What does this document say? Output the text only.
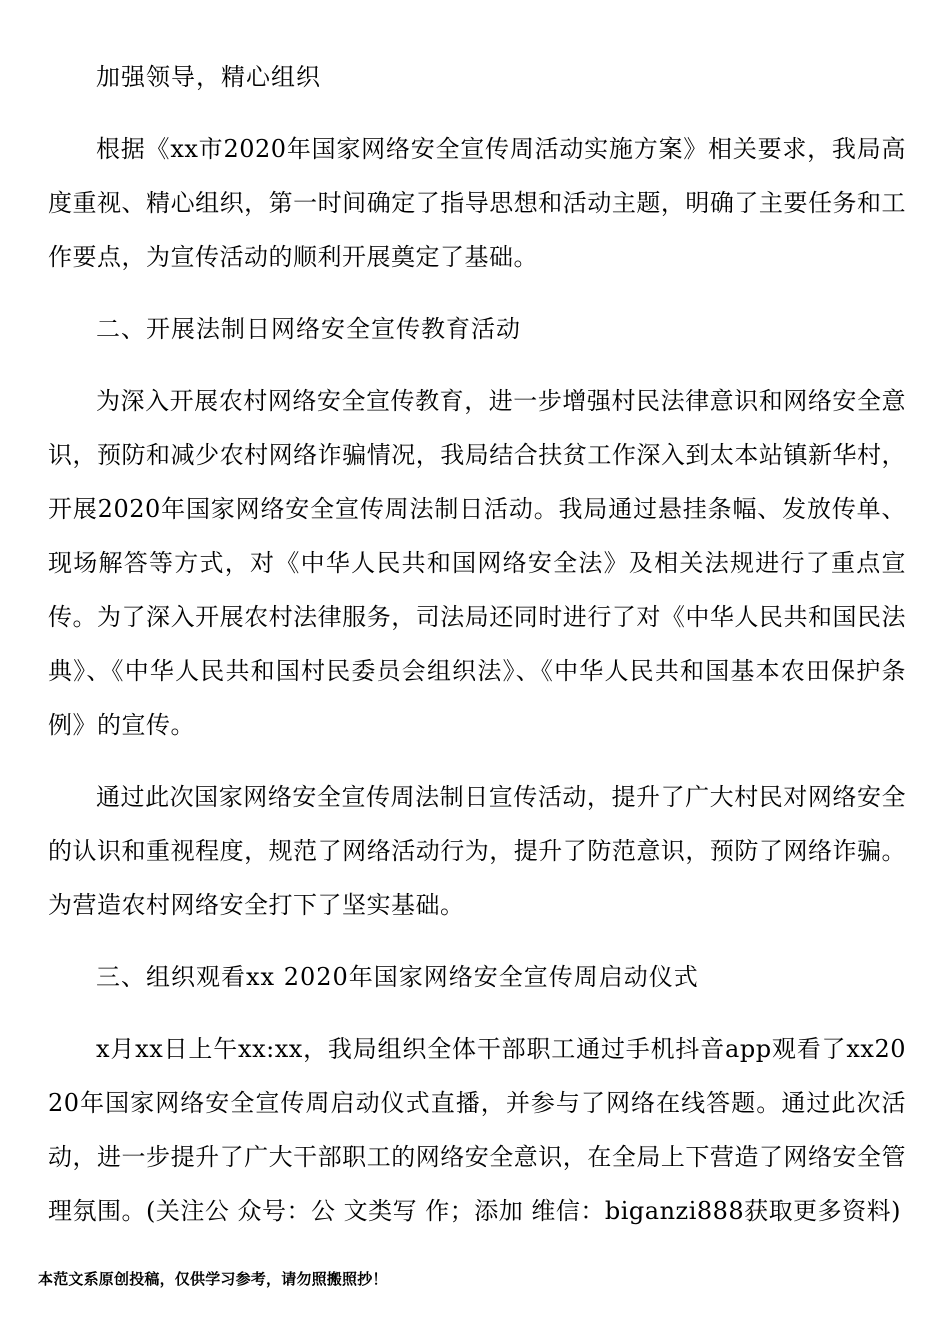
加强领导，精心组织

根据《xx市2020年国家网络安全宣传周活动实施方案》相关要求，我局高度重视、精心组织，第一时间确定了指导思想和活动主题，明确了主要任务和工作要点，为宣传活动的顺利开展奠定了基础。

二、开展法制日网络安全宣传教育活动

为深入开展农村网络安全宣传教育，进一步增强村民法律意识和网络安全意识，预防和减少农村网络诈骗情况，我局结合扶贫工作深入到太本站镇新华村，开展2020年国家网络安全宣传周法制日活动。我局通过悬挂条幅、发放传单、现场解答等方式，对《中华人民共和国网络安全法》及相关法规进行了重点宣传。为了深入开展农村法律服务，司法局还同时进行了对《中华人民共和国民法典》、《中华人民共和国村民委员会组织法》、《中华人民共和国基本农田保护条例》的宣传。

通过此次国家网络安全宣传周法制日宣传活动，提升了广大村民对网络安全的认识和重视程度，规范了网络活动行为，提升了防范意识，预防了网络诈骗。为营造农村网络安全打下了坚实基础。

三、组织观看xx 2020年国家网络安全宣传周启动仪式

x月xx日上午xx:xx，我局组织全体干部职工通过手机抖音app观看了xx2020年国家网络安全宣传周启动仪式直播，并参与了网络在线答题。通过此次活动，进一步提升了广大干部职工的网络安全意识，在全局上下营造了网络安全管理氛围。(关注公 众号：公 文类写 作；添加 维信：biganzi888获取更多资料)

本范文系原创投稿，仅供学习参考，请勿照搬照抄！
